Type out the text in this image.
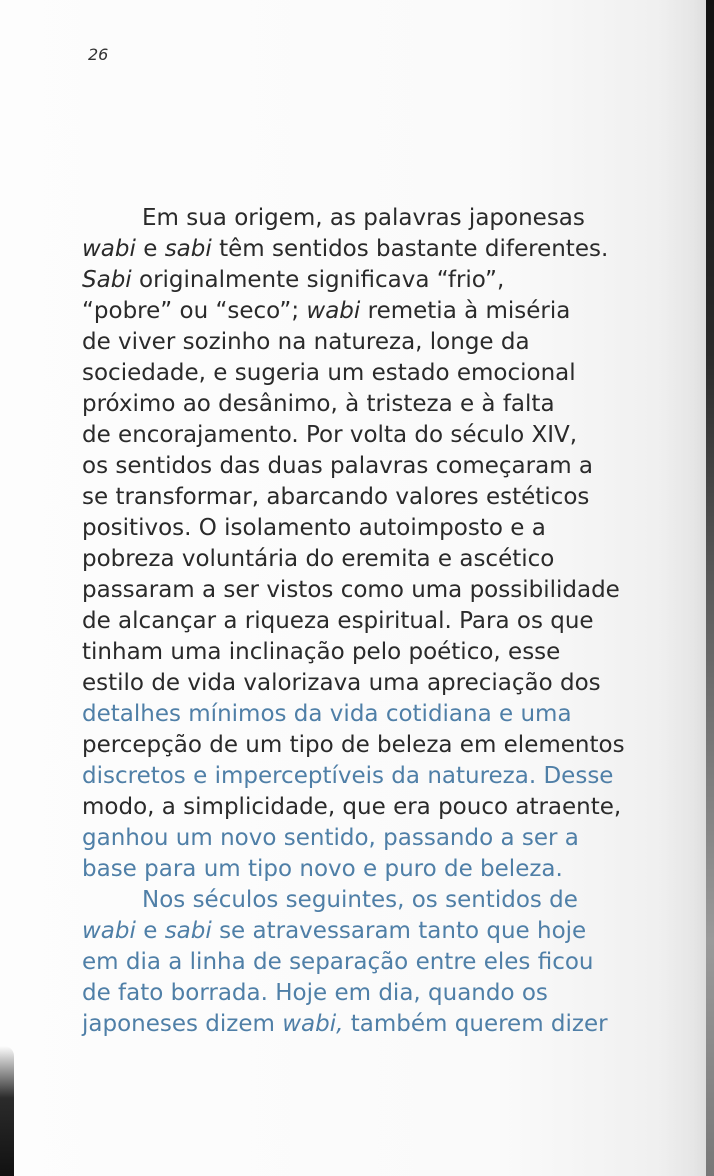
26
Em sua origem, as palavras japonesas
wabi e sabi têm sentidos bastante diferentes.
Sabi originalmente significava “frio”,
“pobre” ou “seco”; wabi remetia à miséria
de viver sozinho na natureza, longe da
sociedade, e sugeria um estado emocional
próximo ao desânimo, à tristeza e à falta
de encorajamento. Por volta do século XIV,
os sentidos das duas palavras começaram a
se transformar, abarcando valores estéticos
positivos. O isolamento autoimposto e a
pobreza voluntária do eremita e ascético
passaram a ser vistos como uma possibilidade
de alcançar a riqueza espiritual. Para os que
tinham uma inclinação pelo poético, esse
estilo de vida valorizava uma apreciação dos
detalhes mínimos da vida cotidiana e uma
percepção de um tipo de beleza em elementos
discretos e imperceptíveis da natureza. Desse
modo, a simplicidade, que era pouco atraente,
ganhou um novo sentido, passando a ser a
base para um tipo novo e puro de beleza.
Nos séculos seguintes, os sentidos de
wabi e sabi se atravessaram tanto que hoje
em dia a linha de separação entre eles ficou
de fato borrada. Hoje em dia, quando os
japoneses dizem wabi, também querem dizer
